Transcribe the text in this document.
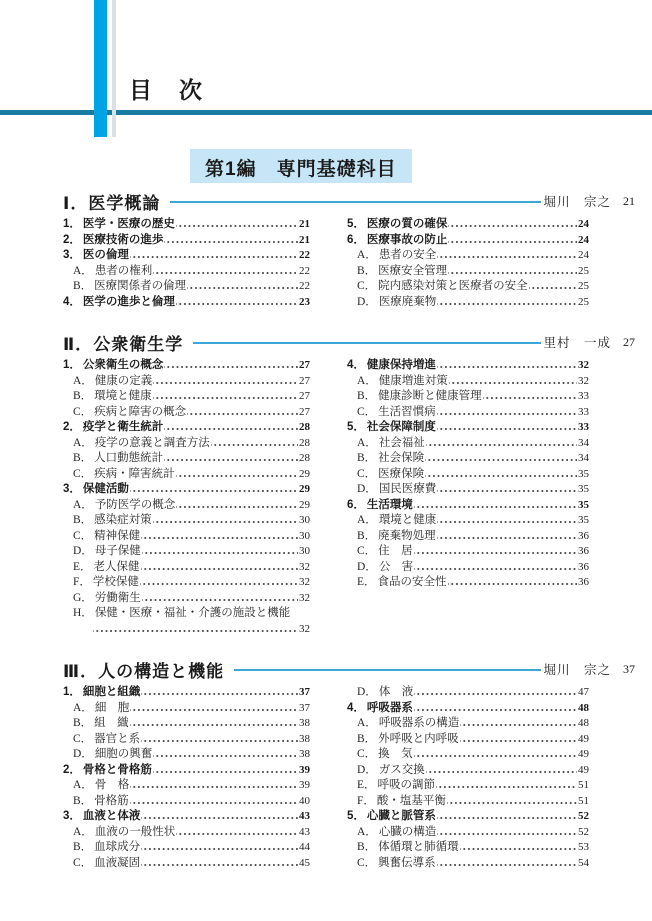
目　次
第1編　専門基礎科目
Ⅰ．医学概論	堀川　宗之 21
1． 医学・医療の歴史	21
2． 医療技術の進歩	21
3． 医の倫理	22
A． 患者の権利	22
B． 医療関係者の倫理	22
4． 医学の進歩と倫理	23
5． 医療の質の確保	24
6． 医療事故の防止	24
A． 患者の安全	24
B． 医療安全管理	25
C． 院内感染対策と医療者の安全	25
D． 医療廃棄物	25
Ⅱ．公衆衛生学	里村　一成 27
1． 公衆衛生の概念	27
A． 健康の定義	27
B． 環境と健康	27
C． 疾病と障害の概念	27
2． 疫学と衛生統計	28
A． 疫学の意義と調査方法	28
B． 人口動態統計	28
C． 疾病・障害統計	29
3． 保健活動	29
A． 予防医学の概念	29
B． 感染症対策	30
C． 精神保健	30
D． 母子保健	30
E． 老人保健	32
F． 学校保健	32
G． 労働衛生	32
H． 保健・医療・福祉・介護の施設と機能
32
4． 健康保持増進	32
A． 健康増進対策	32
B． 健康診断と健康管理	33
C． 生活習慣病	33
5． 社会保障制度	33
A． 社会福祉	34
B． 社会保険	34
C． 医療保険	35
D． 国民医療費	35
6． 生活環境	35
A． 環境と健康	35
B． 廃棄物処理	36
C． 住　居	36
D． 公　害	36
E． 食品の安全性	36
Ⅲ．人の構造と機能	堀川　宗之 37
1． 細胞と組織	37
A． 細　胞	37
B． 組　織	38
C． 器官と系	38
D． 細胞の興奮	38
2． 骨格と骨格筋	39
A． 骨　格	39
B． 骨格筋	40
3． 血液と体液	43
A． 血液の一般性状	43
B． 血球成分	44
C． 血液凝固	45
D． 体　液	47
4． 呼吸器系	48
A． 呼吸器系の構造	48
B． 外呼吸と内呼吸	49
C． 換　気	49
D． ガス交換	49
E． 呼吸の調節	51
F． 酸・塩基平衡	51
5． 心臓と脈管系	52
A． 心臓の構造	52
B． 体循環と肺循環	53
C． 興奮伝導系	54
